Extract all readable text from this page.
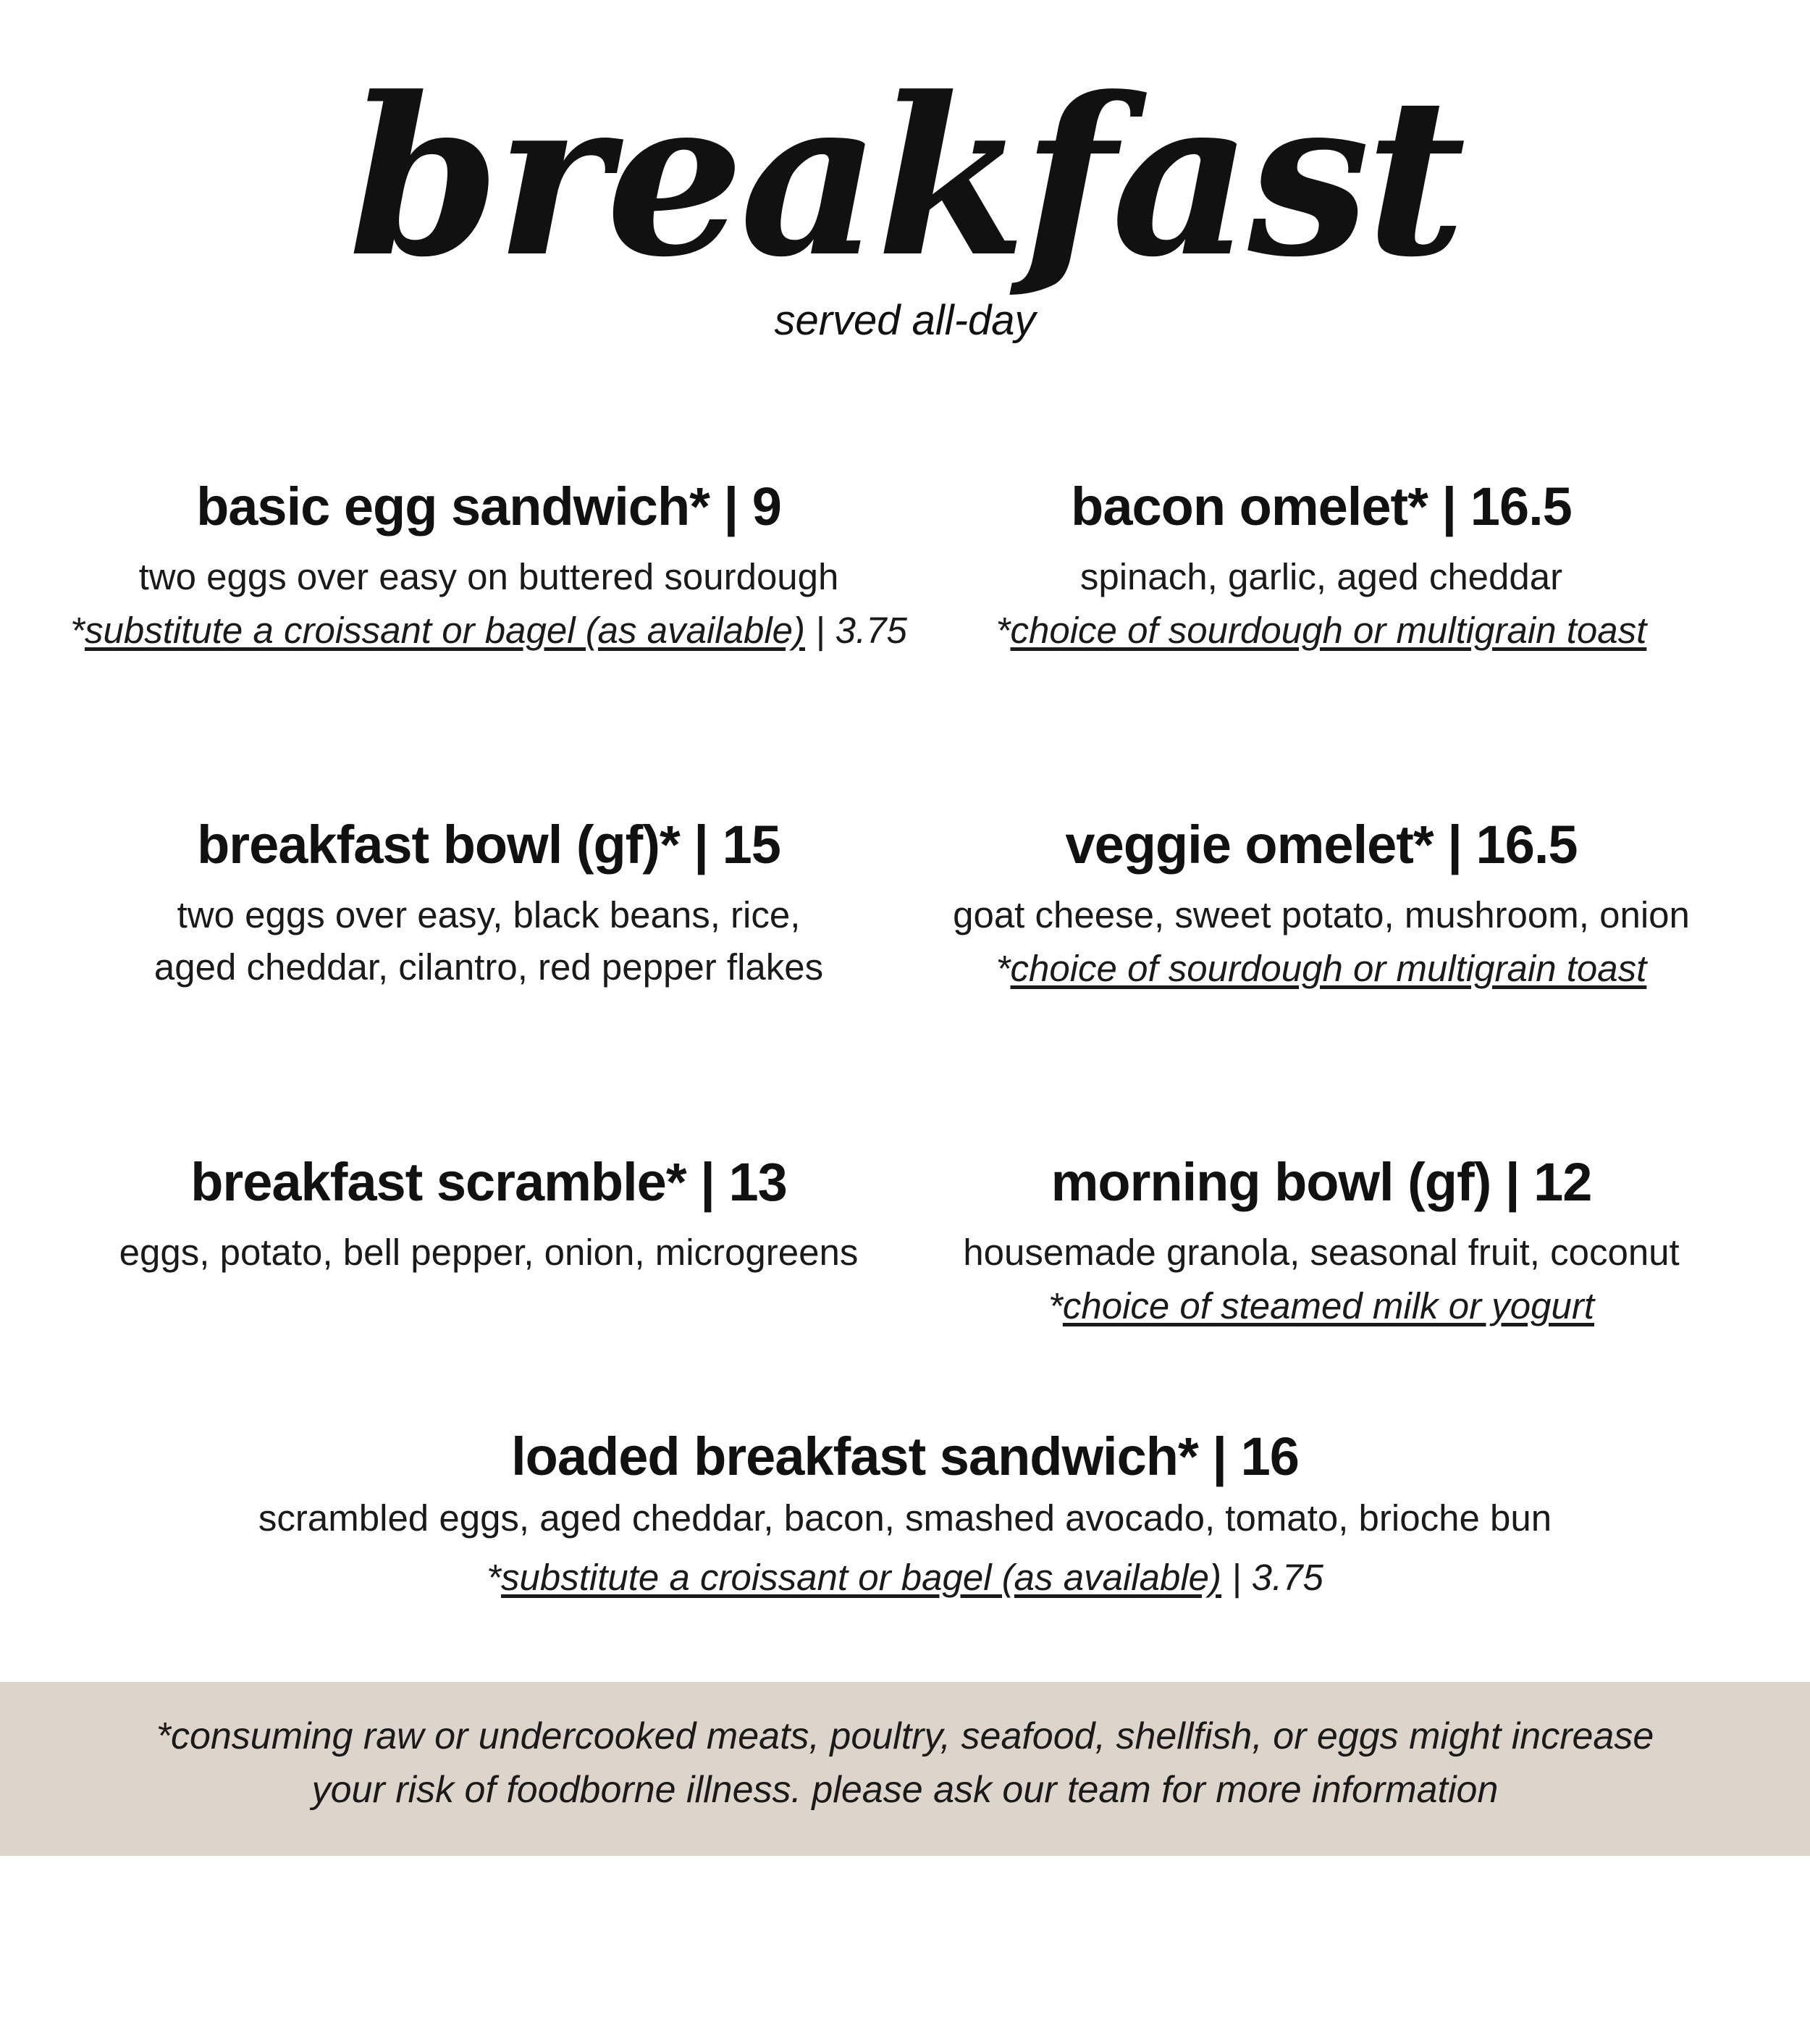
breakfast
served all-day
basic egg sandwich* | 9
two eggs over easy on buttered sourdough
*substitute a croissant or bagel (as available) | 3.75
bacon omelet* | 16.5
spinach, garlic, aged cheddar
*choice of sourdough or multigrain toast
breakfast bowl (gf)* | 15
two eggs over easy, black beans, rice,
aged cheddar, cilantro, red pepper flakes
veggie omelet* | 16.5
goat cheese, sweet potato, mushroom, onion
*choice of sourdough or multigrain toast
breakfast scramble* | 13
eggs, potato, bell pepper, onion, microgreens
morning bowl (gf) | 12
housemade granola, seasonal fruit, coconut
*choice of steamed milk or yogurt
loaded breakfast sandwich* | 16
scrambled eggs, aged cheddar, bacon, smashed avocado, tomato, brioche bun
*substitute a croissant or bagel (as available) | 3.75
*consuming raw or undercooked meats, poultry, seafood, shellfish, or eggs might increase
your risk of foodborne illness. please ask our team for more information
